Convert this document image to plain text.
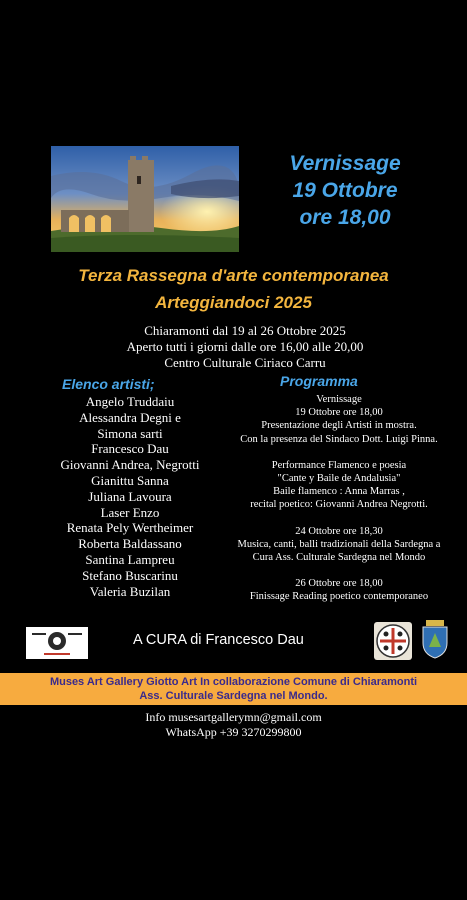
Vernissage
19 Ottobre
ore 18,00
Terza Rassegna d'arte contemporanea
Arteggiandoci 2025
Chiaramonti dal 19 al 26 Ottobre 2025
Aperto tutti i giorni dalle ore 16,00 alle 20,00
Centro Culturale Ciriaco Carru
Elenco artisti;	Programma
Angelo Truddaiu
Alessandra Degni e
Simona sarti
Francesco Dau
Giovanni Andrea, Negrotti
Gianittu Sanna
Juliana Lavoura
Laser Enzo
Renata Pely Wertheimer
Roberta Baldassano
Santina Lampreu
Stefano Buscarinu
Valeria Buzilan
Vernissage
19 Ottobre ore 18,00
Presentazione degli Artisti in mostra.
Con la presenza del Sindaco Dott. Luigi Pinna.
Performance Flamenco e poesia
"Cante y Baile de Andalusia"
Baile flamenco : Anna Marras ,
recital poetico: Giovanni Andrea Negrotti.
24 Ottobre ore 18,30
Musica, canti, balli tradizionali della Sardegna a
Cura Ass. Culturale Sardegna nel Mondo
26 Ottobre ore 18,00
Finissage Reading poetico contemporaneo
A CURA di Francesco Dau
Muses Art Gallery Giotto Art In collaborazione Comune di Chiaramonti
Ass. Culturale Sardegna nel Mondo.
Info musesartgallerymn@gmail.com
WhatsApp +39 3270299800
